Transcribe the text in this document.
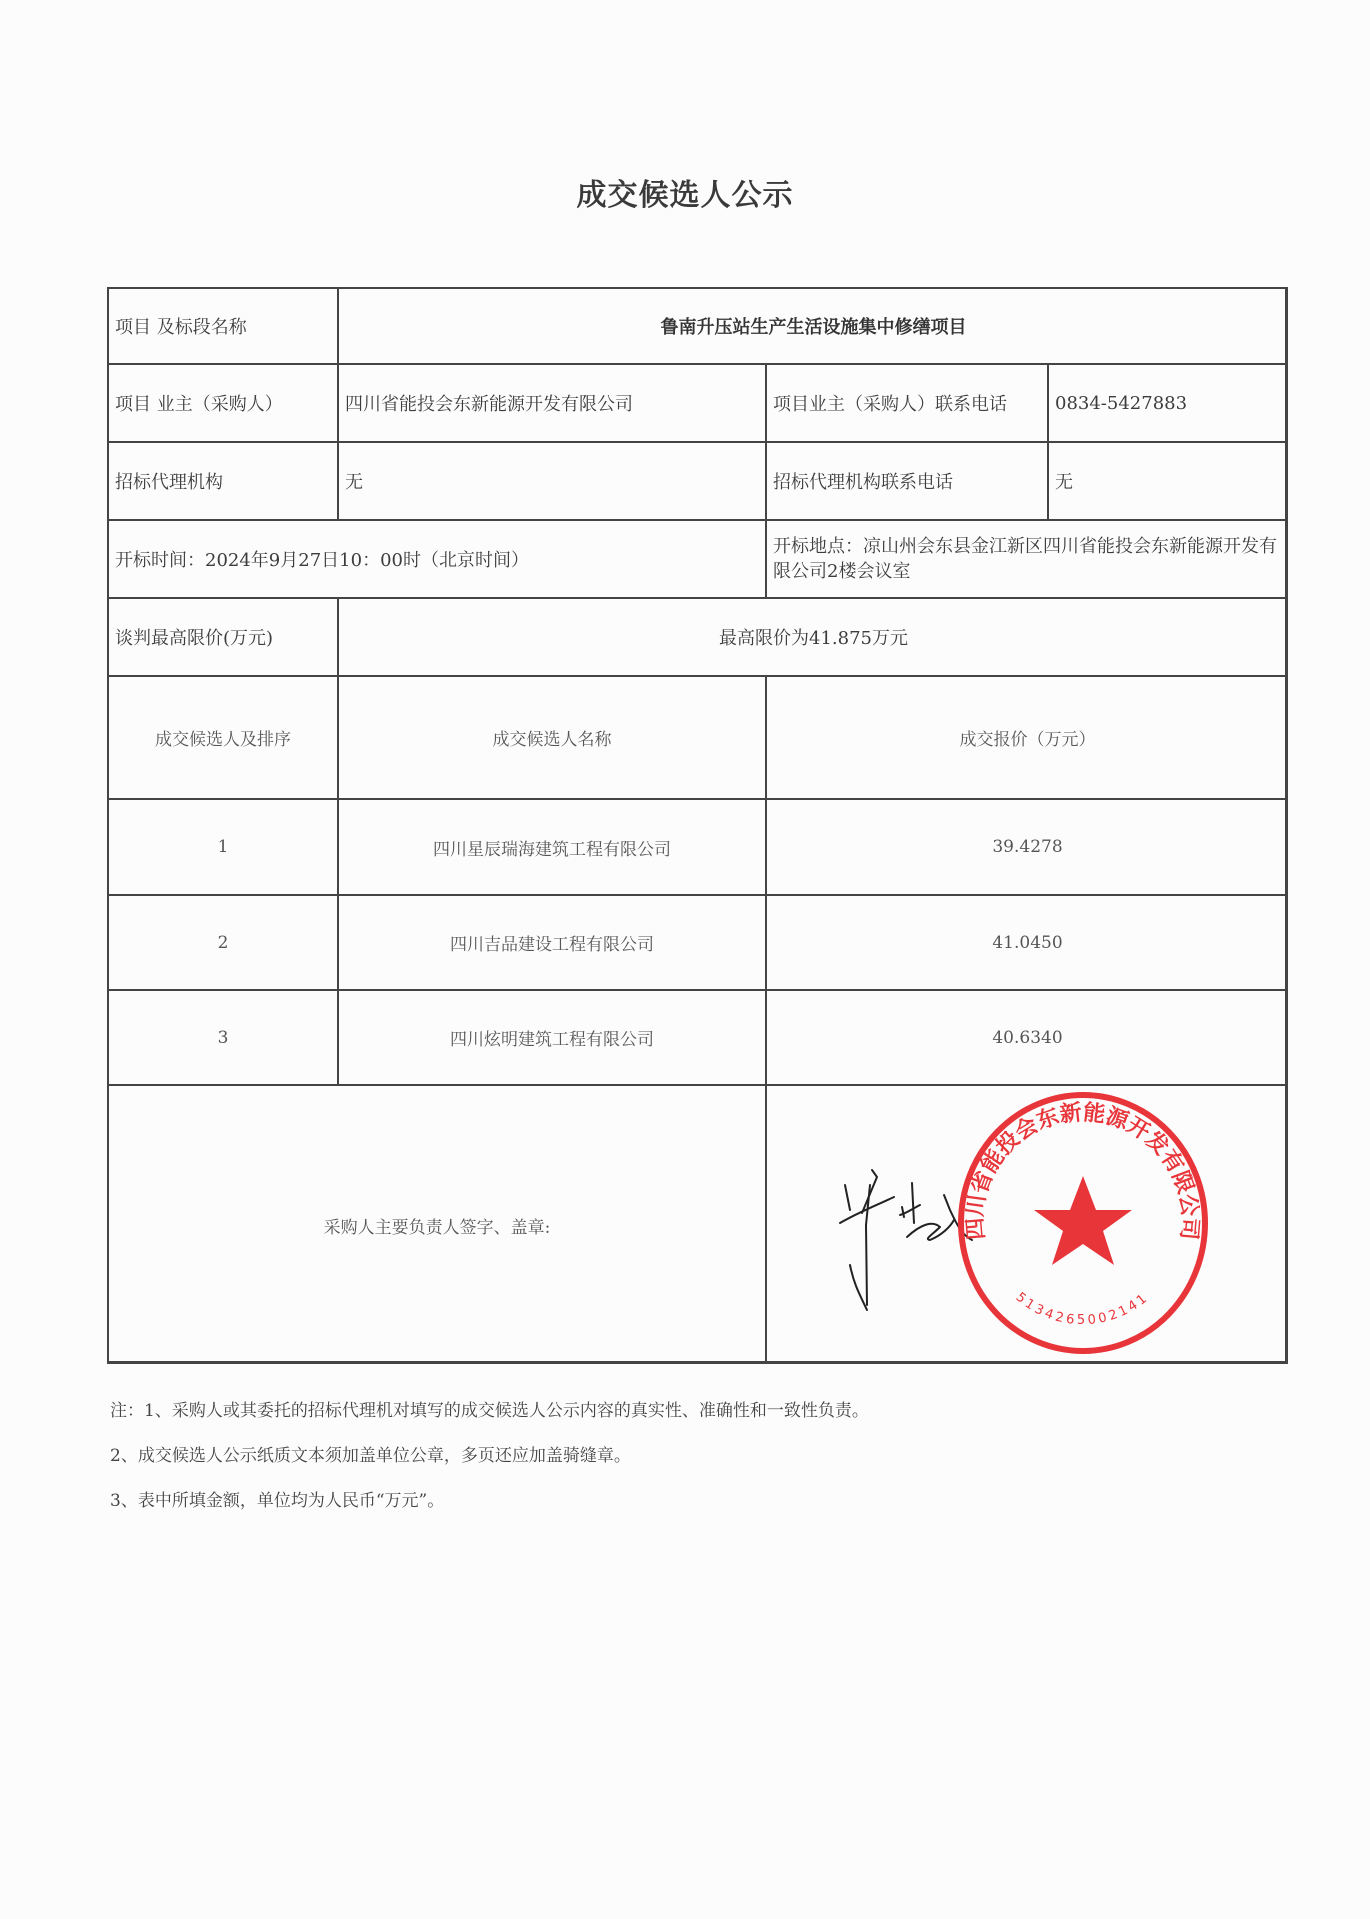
成交候选人公示
项目 及标段名称	鲁南升压站生产生活设施集中修缮项目
项目 业主（采购人）	四川省能投会东新能源开发有限公司	项目业主（采购人）联系电话	0834-5427883
招标代理机构	无	招标代理机构联系电话	无
开标时间：2024年9月27日10：00时（北京时间）
开标地点：凉山州会东县金江新区四川省能投会东新能源开发有限公司2楼会议室
谈判最高限价(万元)	最高限价为41.875万元
成交候选人及排序	成交候选人名称	成交报价（万元）
1	四川星辰瑞海建筑工程有限公司	39.4278
2	四川吉品建设工程有限公司	41.0450
3	四川炫明建筑工程有限公司	40.6340
采购人主要负责人签字、盖章:	四川省能投会东新能源开发有限公司
5134265002141
注：1、采购人或其委托的招标代理机对填写的成交候选人公示内容的真实性、准确性和一致性负责。
2、成交候选人公示纸质文本须加盖单位公章，多页还应加盖骑缝章。
3、表中所填金额，单位均为人民币“万元”。
